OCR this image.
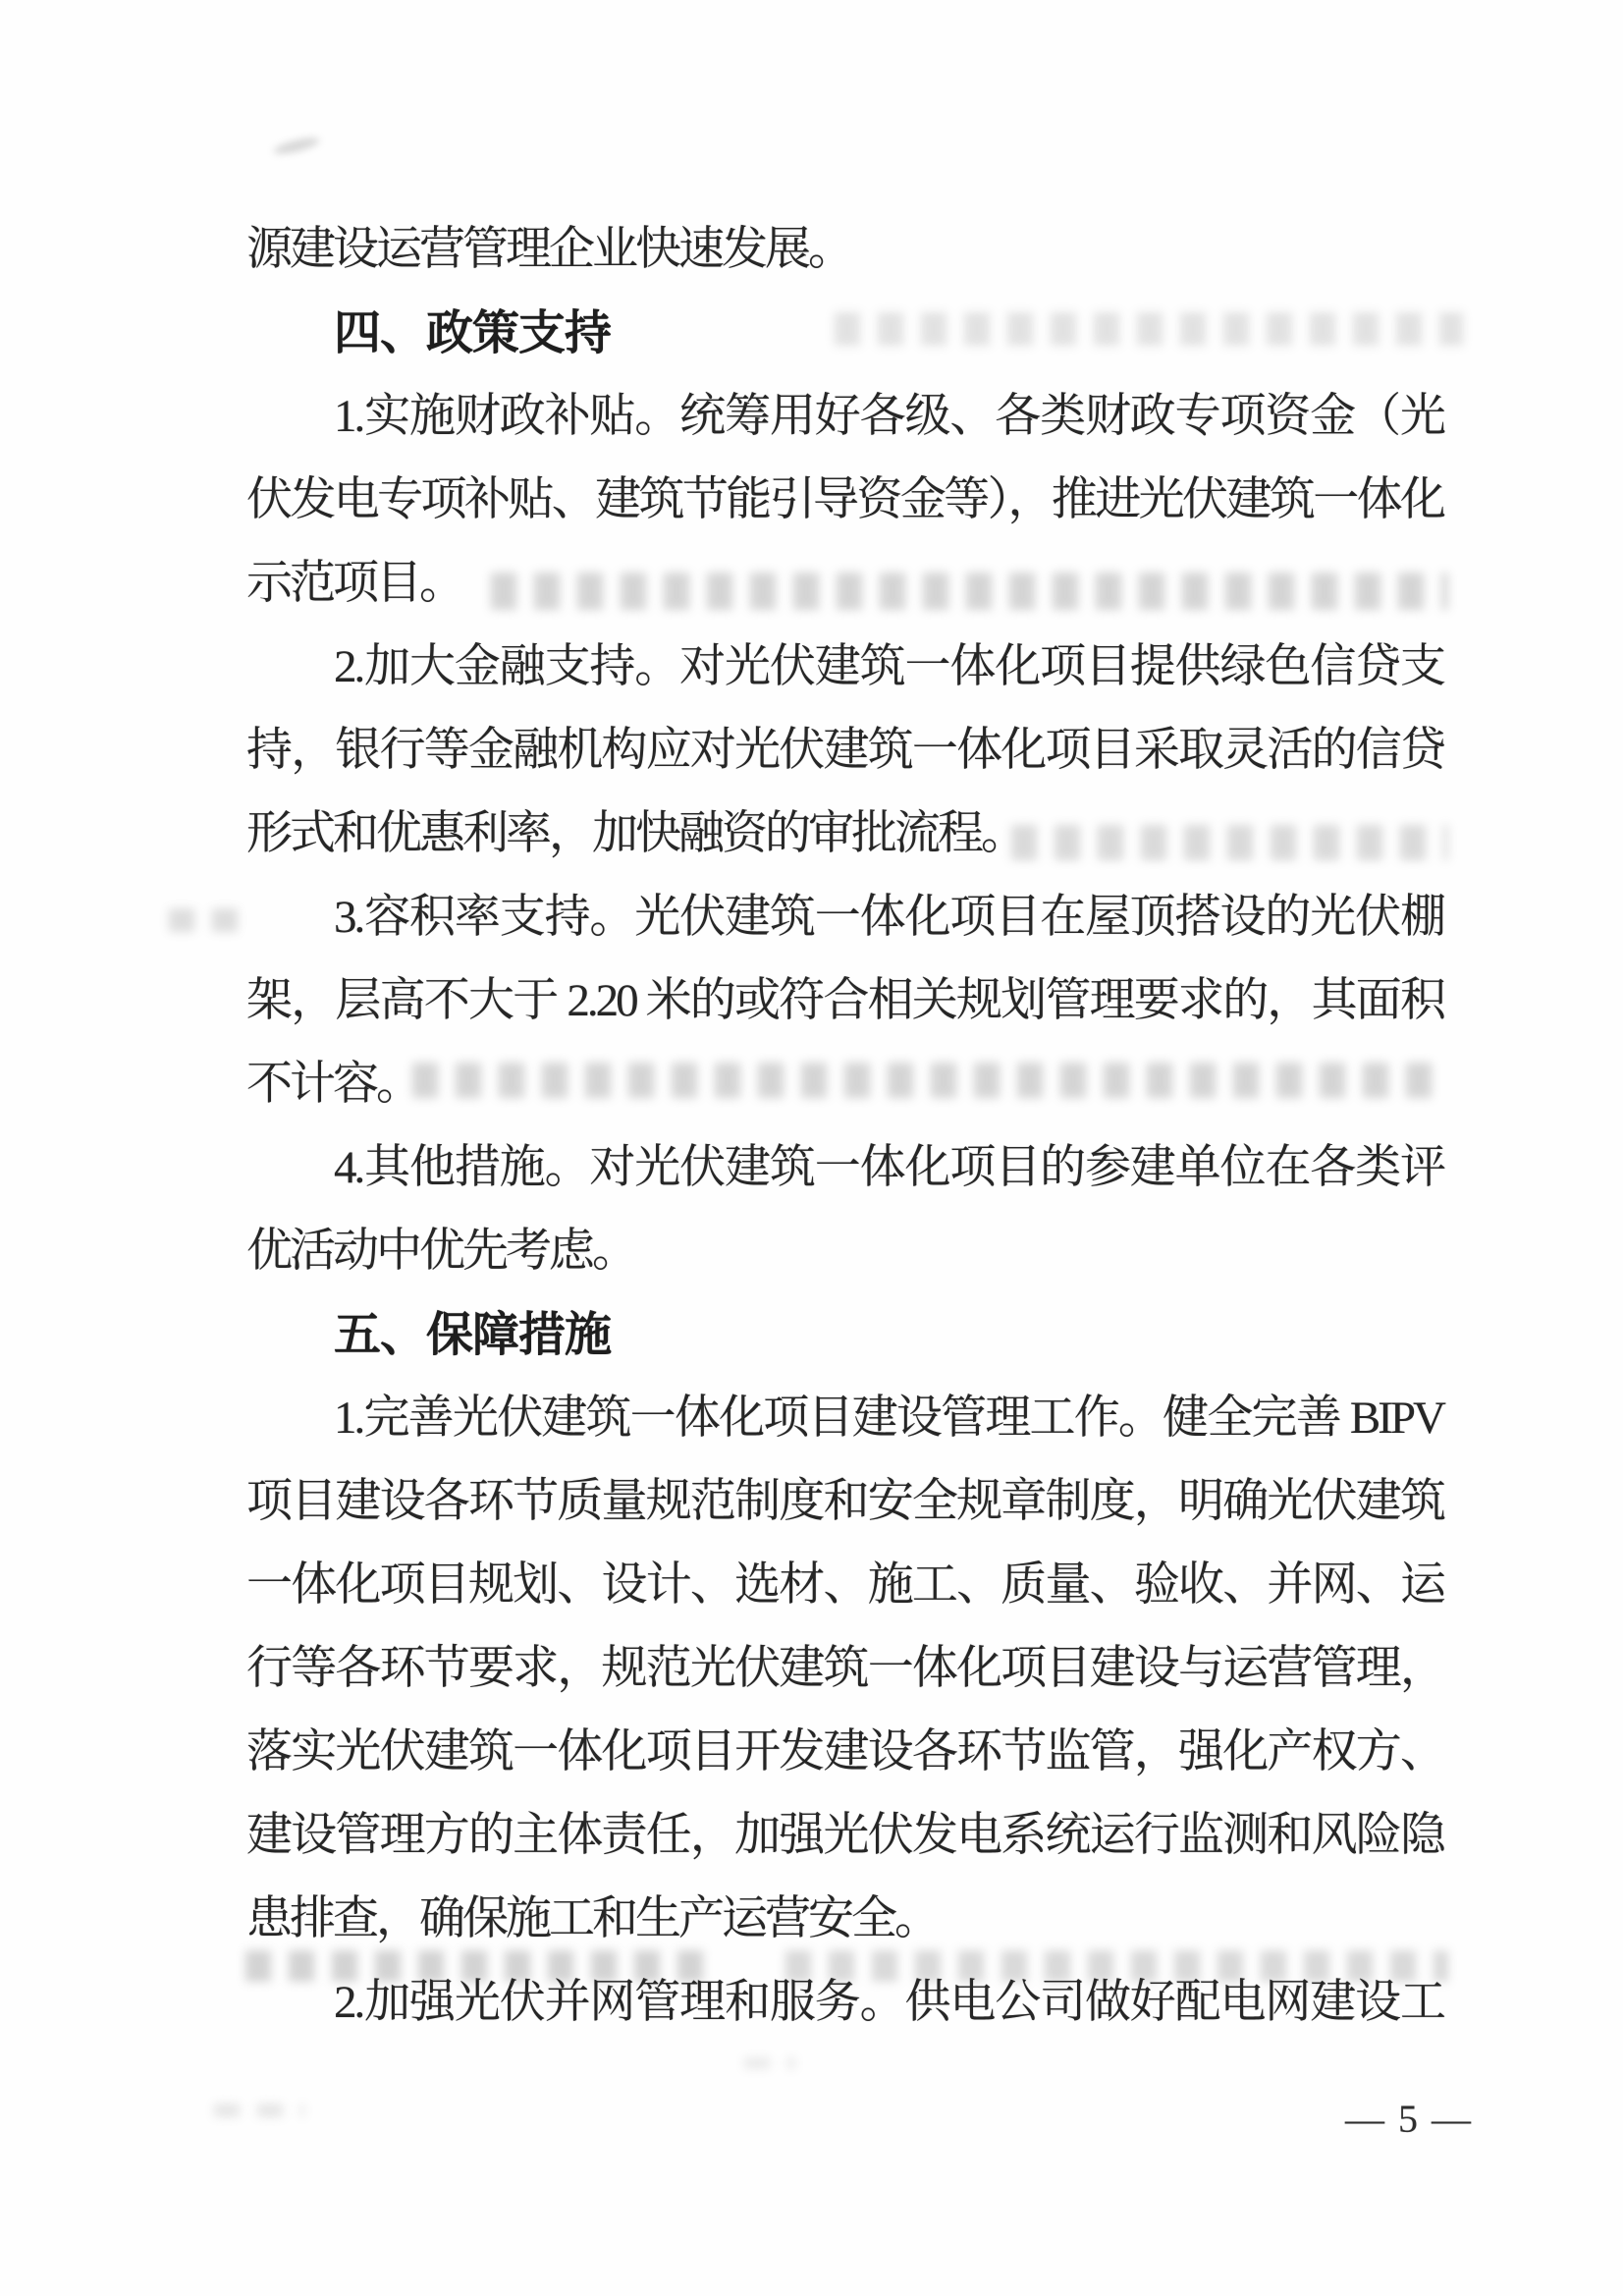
源建设运营管理企业快速发展。
四、政策支持
1.实施财政补贴。统筹用好各级、各类财政专项资金（光
伏发电专项补贴、建筑节能引导资金等），推进光伏建筑一体化
示范项目。
2.加大金融支持。对光伏建筑一体化项目提供绿色信贷支
持，银行等金融机构应对光伏建筑一体化项目采取灵活的信贷
形式和优惠利率，加快融资的审批流程。
3.容积率支持。光伏建筑一体化项目在屋顶搭设的光伏棚
架，层高不大于 2.20 米的或符合相关规划管理要求的，其面积
不计容。
4.其他措施。对光伏建筑一体化项目的参建单位在各类评
优活动中优先考虑。
五、保障措施
1.完善光伏建筑一体化项目建设管理工作。健全完善 BIPV
项目建设各环节质量规范制度和安全规章制度，明确光伏建筑
一体化项目规划、设计、选材、施工、质量、验收、并网、运
行等各环节要求，规范光伏建筑一体化项目建设与运营管理，
落实光伏建筑一体化项目开发建设各环节监管，强化产权方、
建设管理方的主体责任，加强光伏发电系统运行监测和风险隐
患排查，确保施工和生产运营安全。
2.加强光伏并网管理和服务。供电公司做好配电网建设工
— 5 —
